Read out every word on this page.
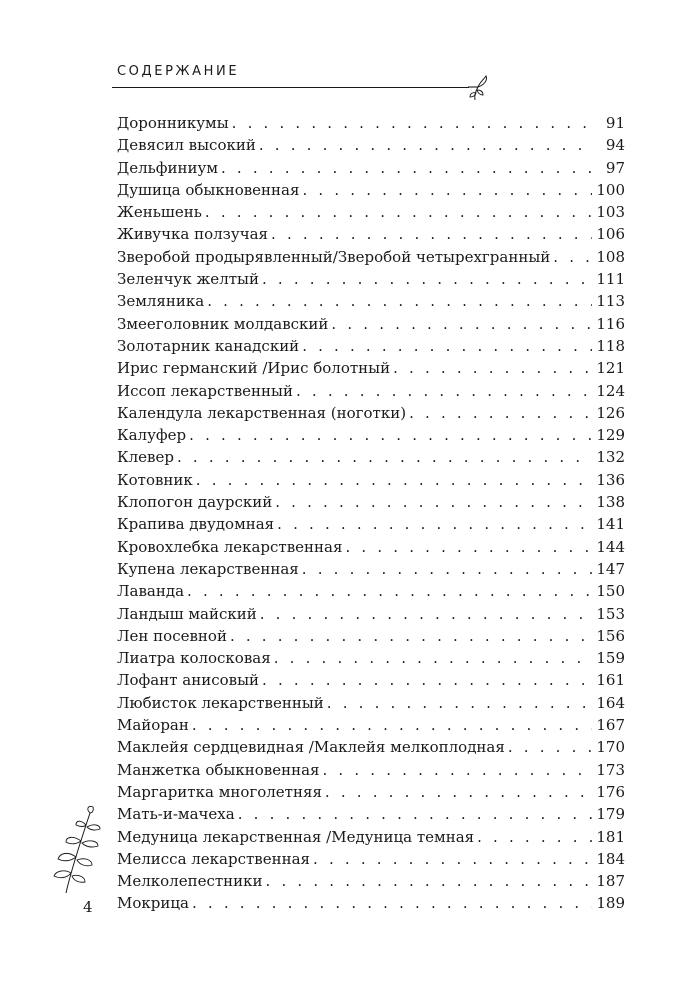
СОДЕРЖАНИЕ
Доронникумы . . .	91
Девясил высокий . . .	94
Дельфиниум . . .	97
Душица обыкновенная . . .	100
Женьшень . . .	103
Живучка ползучая . . .	106
Зверобой продырявленный/Зверобой четырехгранный . . .	108
Зеленчук желтый . . .	111
Земляника . . .	113
Змееголовник молдавский . . .	116
Золотарник канадский . . .	118
Ирис германский /Ирис болотный . . .	121
Иссоп лекарственный . . .	124
Календула лекарственная (ноготки) . . .	126
Калуфер . . .	129
Клевер . . .	132
Котовник . . .	136
Клопогон даурский . . .	138
Крапива двудомная . . .	141
Кровохлебка лекарственная . . .	144
Купена лекарственная . . .	147
Лаванда . . .	150
Ландыш майский . . .	153
Лен посевной . . .	156
Лиатра колосковая . . .	159
Лофант анисовый . . .	161
Любисток лекарственный . . .	164
Майоран . . .	167
Маклейя сердцевидная /Маклейя мелкоплодная . . .	170
Манжетка обыкновенная . . .	173
Маргаритка многолетняя . . .	176
Мать-и-мачеха . . .	179
Медуница лекарственная /Медуница темная . . .	181
Мелисса лекарственная . . .	184
Мелколепестники . . .	187
Мокрица . . .	189
4
